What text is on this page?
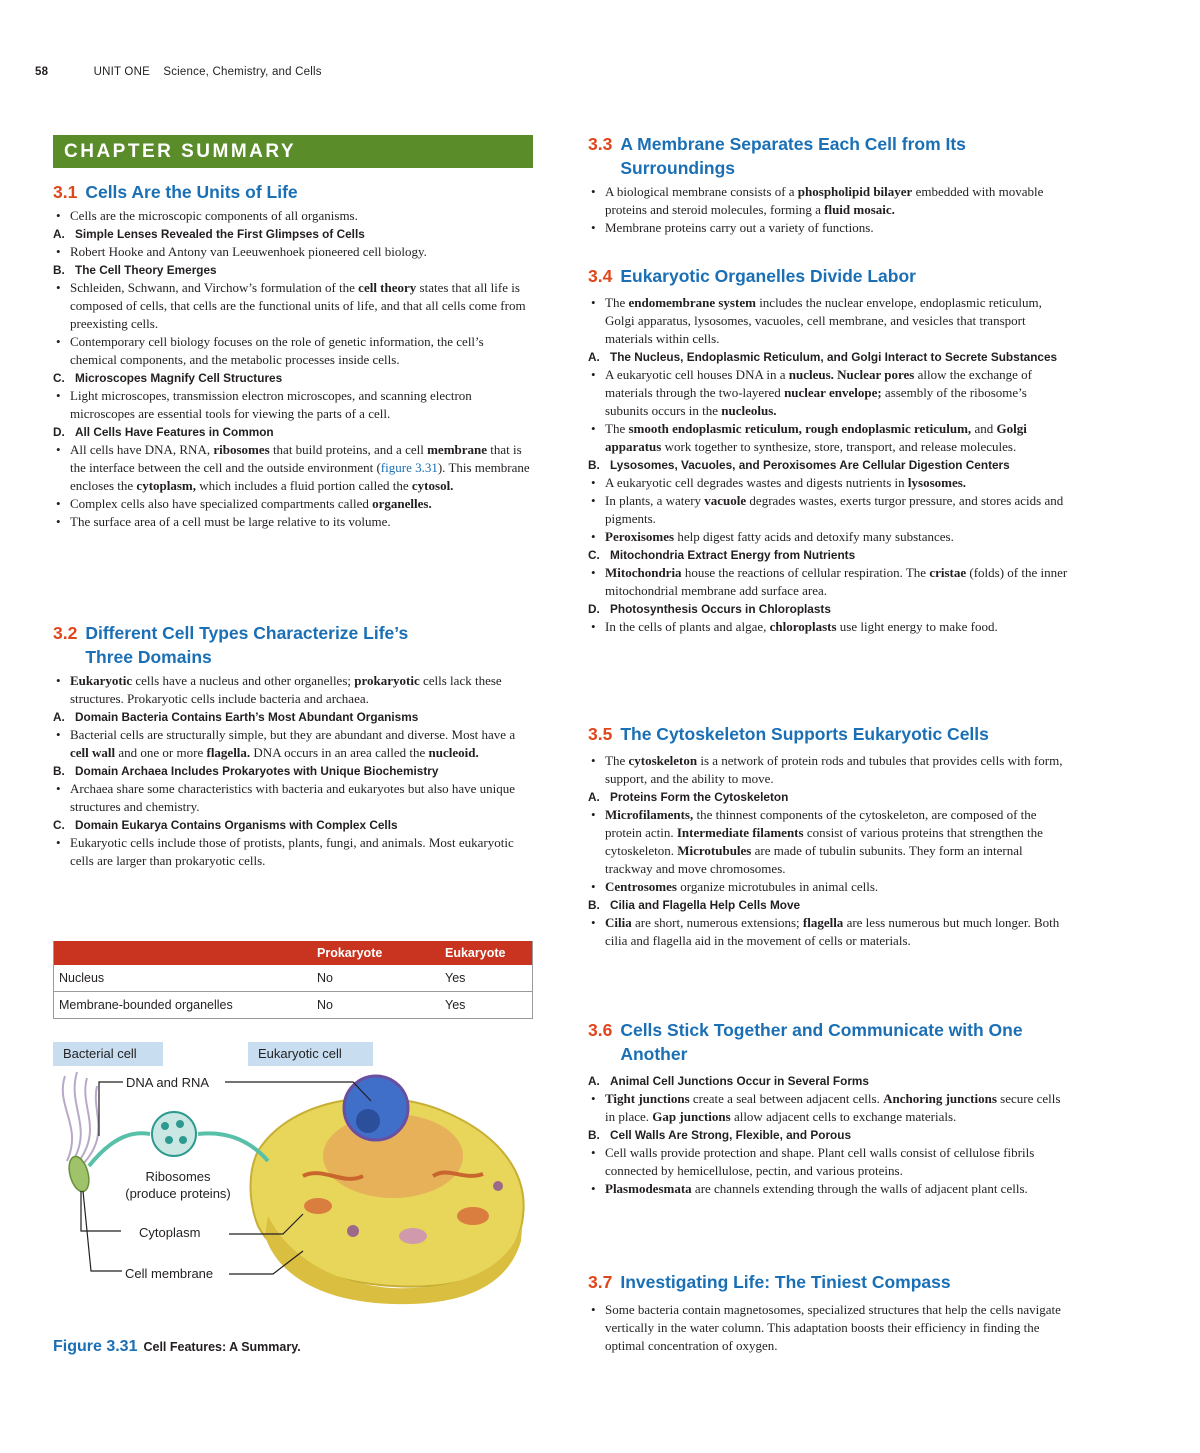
58	UNIT ONE Science, Chemistry, and Cells
CHAPTER SUMMARY
3.1 Cells Are the Units of Life

• Cells are the microscopic components of all organisms.

A. Simple Lenses Revealed the First Glimpses of Cells

• Robert Hooke and Antony van Leeuwenhoek pioneered cell biology.

B. The Cell Theory Emerges

• Schleiden, Schwann, and Virchow’s formulation of the cell theory states that all life is composed of cells, that cells are the functional units of life, and that all cells come from preexisting cells.

• Contemporary cell biology focuses on the role of genetic information, the cell’s chemical components, and the metabolic processes inside cells.

C. Microscopes Magnify Cell Structures

• Light microscopes, transmission electron microscopes, and scanning electron microscopes are essential tools for viewing the parts of a cell.

D. All Cells Have Features in Common

• All cells have DNA, RNA, ribosomes that build proteins, and a cell membrane that is the interface between the cell and the outside environment (figure 3.31). This membrane encloses the cytoplasm, which includes a fluid portion called the cytosol.

• Complex cells also have specialized compartments called organelles.

• The surface area of a cell must be large relative to its volume.

3.2 Different Cell Types Characterize Life’s Three Domains

• Eukaryotic cells have a nucleus and other organelles; prokaryotic cells lack these structures. Prokaryotic cells include bacteria and archaea.

A. Domain Bacteria Contains Earth’s Most Abundant Organisms

• Bacterial cells are structurally simple, but they are abundant and diverse. Most have a cell wall and one or more flagella. DNA occurs in an area called the nucleoid.

B. Domain Archaea Includes Prokaryotes with Unique Biochemistry

• Archaea share some characteristics with bacteria and eukaryotes but also have unique structures and chemistry.

C. Domain Eukarya Contains Organisms with Complex Cells

• Eukaryotic cells include those of protists, plants, fungi, and animals. Most eukaryotic cells are larger than prokaryotic cells.

	Prokaryote	Eukaryote
Nucleus	No	Yes
Membrane-bounded organelles	No	Yes
Bacterial cell	Eukaryotic cell
DNA and RNA
Ribosomes
(produce proteins)
Cytoplasm
Cell membrane
Figure 3.31 Cell Features: A Summary.
3.3 A Membrane Separates Each Cell from Its Surroundings

• A biological membrane consists of a phospholipid bilayer embedded with movable proteins and steroid molecules, forming a fluid mosaic.

• Membrane proteins carry out a variety of functions.

3.4 Eukaryotic Organelles Divide Labor

• The endomembrane system includes the nuclear envelope, endoplasmic reticulum, Golgi apparatus, lysosomes, vacuoles, cell membrane, and vesicles that transport materials within cells.

A. The Nucleus, Endoplasmic Reticulum, and Golgi Interact to Secrete Substances

• A eukaryotic cell houses DNA in a nucleus. Nuclear pores allow the exchange of materials through the two-layered nuclear envelope; assembly of the ribosome’s subunits occurs in the nucleolus.

• The smooth endoplasmic reticulum, rough endoplasmic reticulum, and Golgi apparatus work together to synthesize, store, transport, and release molecules.

B. Lysosomes, Vacuoles, and Peroxisomes Are Cellular Digestion Centers

• A eukaryotic cell degrades wastes and digests nutrients in lysosomes.

• In plants, a watery vacuole degrades wastes, exerts turgor pressure, and stores acids and pigments.

• Peroxisomes help digest fatty acids and detoxify many substances.

C. Mitochondria Extract Energy from Nutrients

• Mitochondria house the reactions of cellular respiration. The cristae (folds) of the inner mitochondrial membrane add surface area.

D. Photosynthesis Occurs in Chloroplasts

• In the cells of plants and algae, chloroplasts use light energy to make food.

3.5 The Cytoskeleton Supports Eukaryotic Cells

• The cytoskeleton is a network of protein rods and tubules that provides cells with form, support, and the ability to move.

A. Proteins Form the Cytoskeleton

• Microfilaments, the thinnest components of the cytoskeleton, are composed of the protein actin. Intermediate filaments consist of various proteins that strengthen the cytoskeleton. Microtubules are made of tubulin subunits. They form an internal trackway and move chromosomes.

• Centrosomes organize microtubules in animal cells.

B. Cilia and Flagella Help Cells Move

• Cilia are short, numerous extensions; flagella are less numerous but much longer. Both cilia and flagella aid in the movement of cells or materials.

3.6 Cells Stick Together and Communicate with One Another

A. Animal Cell Junctions Occur in Several Forms

• Tight junctions create a seal between adjacent cells. Anchoring junctions secure cells in place. Gap junctions allow adjacent cells to exchange materials.

B. Cell Walls Are Strong, Flexible, and Porous

• Cell walls provide protection and shape. Plant cell walls consist of cellulose fibrils connected by hemicellulose, pectin, and various proteins.

• Plasmodesmata are channels extending through the walls of adjacent plant cells.

3.7 Investigating Life: The Tiniest Compass

• Some bacteria contain magnetosomes, specialized structures that help the cells navigate vertically in the water column. This adaptation boosts their efficiency in finding the optimal concentration of oxygen.
